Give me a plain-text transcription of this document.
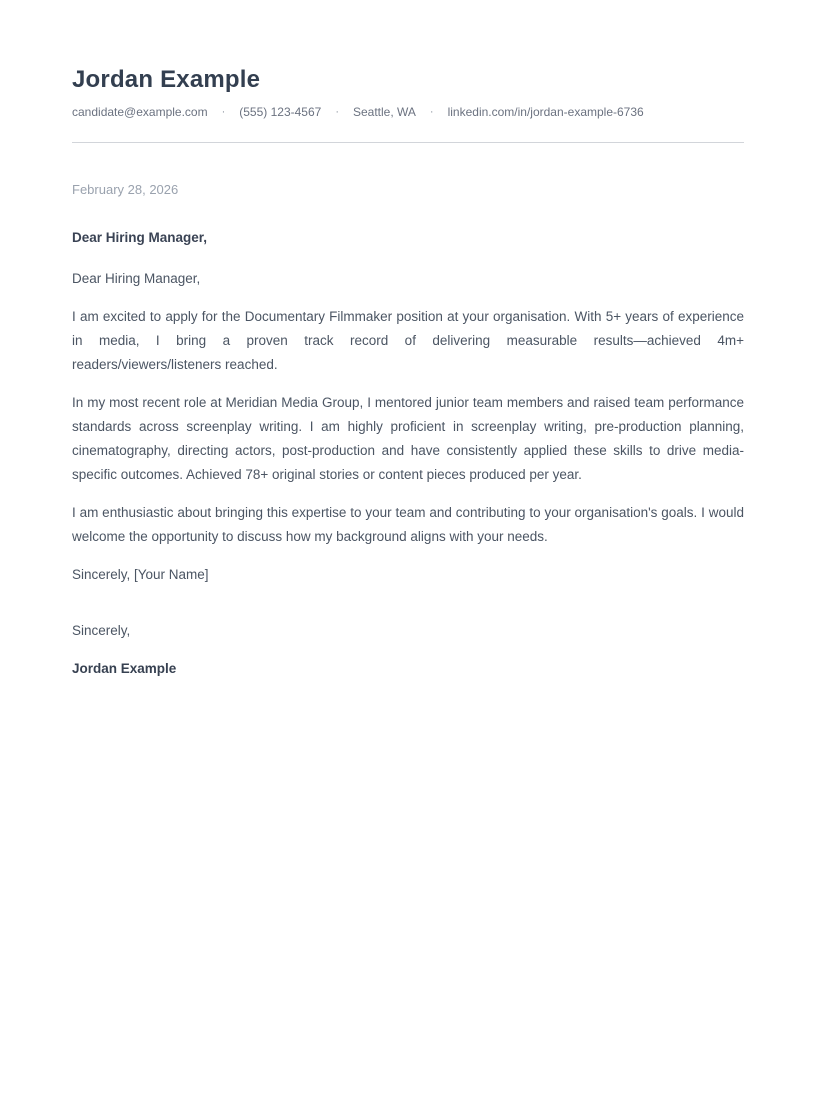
Jordan Example
candidate@example.com · (555) 123-4567 · Seattle, WA · linkedin.com/in/jordan-example-6736
February 28, 2026
Dear Hiring Manager,

Dear Hiring Manager,

I am excited to apply for the Documentary Filmmaker position at your organisation. With 5+ years of experience in media, I bring a proven track record of delivering measurable results—achieved 4m+ readers/viewers/listeners reached.

In my most recent role at Meridian Media Group, I mentored junior team members and raised team performance standards across screenplay writing. I am highly proficient in screenplay writing, pre-production planning, cinematography, directing actors, post-production and have consistently applied these skills to drive media-specific outcomes. Achieved 78+ original stories or content pieces produced per year.

I am enthusiastic about bringing this expertise to your team and contributing to your organisation's goals. I would welcome the opportunity to discuss how my background aligns with your needs.

Sincerely, [Your Name]

Sincerely,
Jordan Example
